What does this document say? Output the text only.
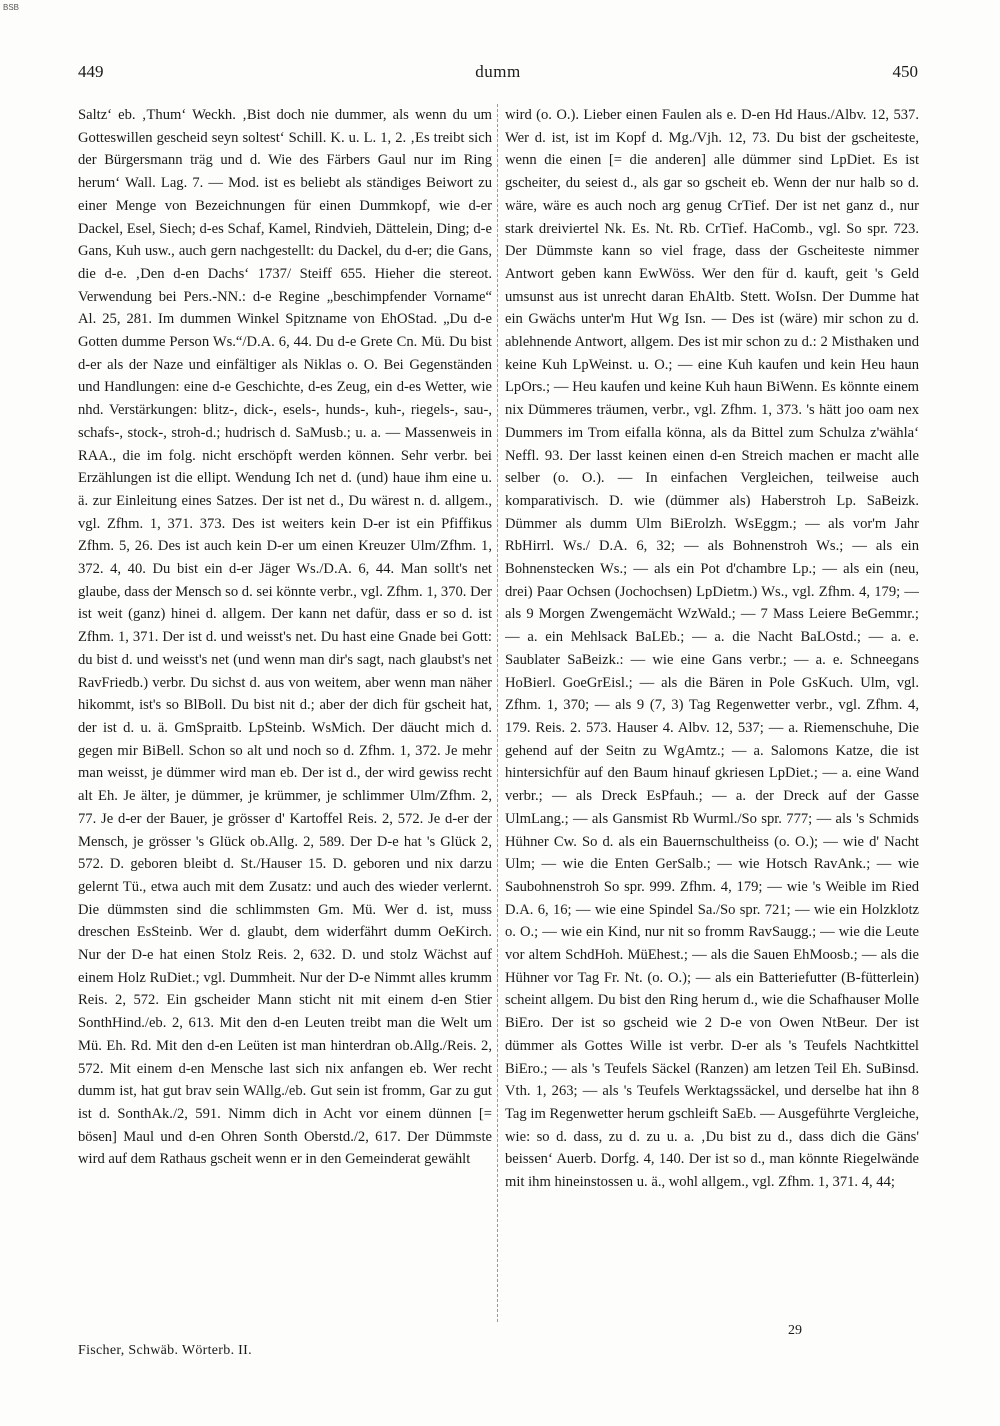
BSB
449	dumm	450

Saltz‘ eb. ‚Thum‘ Weckh. ‚Bist doch nie dummer, als wenn du um Gotteswillen gescheid seyn soltest‘ Schill. K. u. L. 1, 2. ‚Es treibt sich der Bürgersmann träg und d. Wie des Färbers Gaul nur im Ring herum‘ Wall. Lag. 7. — Mod. ist es beliebt als ständiges Beiwort zu einer Menge von Bezeichnungen für einen Dummkopf, wie d-er Dackel, Esel, Siech; d-es Schaf, Kamel, Rindvieh, Dättelein, Ding; d-e Gans, Kuh usw., auch gern nachgestellt: du Dackel, du d-er; die Gans, die d-e. ‚Den d-en Dachs‘ 1737/ Steiff 655. Hieher die stereot. Verwendung bei Pers.-NN.: d-e Regine „beschimpfender Vorname“ Al. 25, 281. Im dummen Winkel Spitzname von EhOStad. „Du d-e Gotten dumme Person Ws.“/D.A. 6, 44. Du d-e Grete Cn. Mü. Du bist d-er als der Naze und einfältiger als Niklas o. O. Bei Gegenständen und Handlungen: eine d-e Geschichte, d-es Zeug, ein d-es Wetter, wie nhd. Verstärkungen: blitz-, dick-, esels-, hunds-, kuh-, riegels-, sau-, schafs-, stock-, stroh-d.; hudrisch d. SaMusb.; u. a. — Massenweis in RAA., die im folg. nicht erschöpft werden können. Sehr verbr. bei Erzählungen ist die ellipt. Wendung Ich net d. (und) haue ihm eine u. ä. zur Einleitung eines Satzes. Der ist net d., Du wärest n. d. allgem., vgl. Zfhm. 1, 371. 373. Des ist weiters kein D-er ist ein Pfiffikus Zfhm. 5, 26. Des ist auch kein D-er um einen Kreuzer Ulm/Zfhm. 1, 372. 4, 40. Du bist ein d-er Jäger Ws./D.A. 6, 44. Man sollt's net glaube, dass der Mensch so d. sei könnte verbr., vgl. Zfhm. 1, 370. Der ist weit (ganz) hinei d. allgem. Der kann net dafür, dass er so d. ist Zfhm. 1, 371. Der ist d. und weisst's net. Du hast eine Gnade bei Gott: du bist d. und weisst's net (und wenn man dir's sagt, nach glaubst's net RavFriedb.) verbr. Du sichst d. aus von weitem, aber wenn man näher hikommt, ist's so BlBoll. Du bist nit d.; aber der dich für gscheit hat, der ist d. u. ä. GmSpraitb. LpSteinb. WsMich. Der däucht mich d. gegen mir BiBell. Schon so alt und noch so d. Zfhm. 1, 372. Je mehr man weisst, je dümmer wird man eb. Der ist d., der wird gewiss recht alt Eh. Je älter, je dümmer, je krümmer, je schlimmer Ulm/Zfhm. 2, 77. Je d-er der Bauer, je grösser d' Kartoffel Reis. 2, 572. Je d-er der Mensch, je grösser 's Glück ob.Allg. 2, 589. Der D-e hat 's Glück 2, 572. D. geboren bleibt d. St./Hauser 15. D. geboren und nix darzu gelernt Tü., etwa auch mit dem Zusatz: und auch des wieder verlernt. Die dümmsten sind die schlimmsten Gm. Mü. Wer d. ist, muss dreschen EsSteinb. Wer d. glaubt, dem widerfährt dumm OeKirch. Nur der D-e hat einen Stolz Reis. 2, 632. D. und stolz Wächst auf einem Holz RuDiet.; vgl. Dummheit. Nur der D-e Nimmt alles krumm Reis. 2, 572. Ein gscheider Mann sticht nit mit einem d-en Stier SonthHind./eb. 2, 613. Mit den d-en Leuten treibt man die Welt um Mü. Eh. Rd. Mit den d-en Leüten ist man hinterdran ob.Allg./Reis. 2, 572. Mit einem d-en Mensche last sich nix anfangen eb. Wer recht dumm ist, hat gut brav sein WAllg./eb. Gut sein ist fromm, Gar zu gut ist d. SonthAk./2, 591. Nimm dich in Acht vor einem dünnen [= bösen] Maul und d-en Ohren Sonth Oberstd./2, 617. Der Dümmste wird auf dem Rathaus gscheit wenn er in den Gemeinderat gewählt

wird (o. O.). Lieber einen Faulen als e. D-en Hd Haus./Albv. 12, 537. Wer d. ist, ist im Kopf d. Mg./Vjh. 12, 73. Du bist der gscheiteste, wenn die einen [= die anderen] alle dümmer sind LpDiet. Es ist gscheiter, du seiest d., als gar so gscheit eb. Wenn der nur halb so d. wäre, wäre es auch noch arg genug CrTief. Der ist net ganz d., nur stark dreiviertel Nk. Es. Nt. Rb. CrTief. HaComb., vgl. So spr. 723. Der Dümmste kann so viel frage, dass der Gscheiteste nimmer Antwort geben kann EwWöss. Wer den für d. kauft, geit 's Geld umsunst aus ist unrecht daran EhAltb. Stett. WoIsn. Der Dumme hat ein Gwächs unter'm Hut Wg Isn. — Des ist (wäre) mir schon zu d. ablehnende Antwort, allgem. Des ist mir schon zu d.: 2 Misthaken und keine Kuh LpWeinst. u. O.; — eine Kuh kaufen und kein Heu haun LpOrs.; — Heu kaufen und keine Kuh haun BiWenn. Es könnte einem nix Dümmeres träumen, verbr., vgl. Zfhm. 1, 373. 's hätt joo oam nex Dummers im Trom eifalla könna, als da Bittel zum Schulza z'wähla‘ Neffl. 93. Der lasst keinen einen d-en Streich machen er macht alle selber (o. O.). — In einfachen Vergleichen, teilweise auch komparativisch. D. wie (dümmer als) Haberstroh Lp. SaBeizk. Dümmer als dumm Ulm BiErolzh. WsEggm.; — als vor'm Jahr RbHirrl. Ws./ D.A. 6, 32; — als Bohnenstroh Ws.; — als ein Bohnenstecken Ws.; — als ein Pot d'chambre Lp.; — als ein (neu, drei) Paar Ochsen (Jochochsen) LpDietm.) Ws., vgl. Zfhm. 4, 179; — als 9 Morgen Zwengemächt WzWald.; — 7 Mass Leiere BeGemmr.; — a. ein Mehlsack BaLEb.; — a. die Nacht BaLOstd.; — a. e. Saublater SaBeizk.: — wie eine Gans verbr.; — a. e. Schneegans HoBierl. GoeGrEisl.; — als die Bären in Pole GsKuch. Ulm, vgl. Zfhm. 1, 370; — als 9 (7, 3) Tag Regenwetter verbr., vgl. Zfhm. 4, 179. Reis. 2. 573. Hauser 4. Albv. 12, 537; — a. Riemenschuhe, Die gehend auf der Seitn zu WgAmtz.; — a. Salomons Katze, die ist hintersichfür auf den Baum hinauf gkriesen LpDiet.; — a. eine Wand verbr.; — als Dreck EsPfauh.; — a. der Dreck auf der Gasse UlmLang.; — als Gansmist Rb Wurml./So spr. 777; — als 's Schmids Hühner Cw. So d. als ein Bauernschultheiss (o. O.); — wie d' Nacht Ulm; — wie die Enten GerSalb.; — wie Hotsch RavAnk.; — wie Saubohnenstroh So spr. 999. Zfhm. 4, 179; — wie 's Weible im Ried D.A. 6, 16; — wie eine Spindel Sa./So spr. 721; — wie ein Holzklotz o. O.; — wie ein Kind, nur nit so fromm RavSaugg.; — wie die Leute vor altem SchdHoh. MüEhest.; — als die Sauen EhMoosb.; — als die Hühner vor Tag Fr. Nt. (o. O.); — als ein Batteriefutter (B-fütterlein) scheint allgem. Du bist den Ring herum d., wie die Schafhauser Molle BiEro. Der ist so gscheid wie 2 D-e von Owen NtBeur. Der ist dümmer als Gottes Wille ist verbr. D-er als 's Teufels Nachtkittel BiEro.; — als 's Teufels Säckel (Ranzen) am letzen Teil Eh. SuBinsd. Vth. 1, 263; — als 's Teufels Werktagssäckel, und derselbe hat ihn 8 Tag im Regenwetter herum gschleift SaEb. — Ausgeführte Vergleiche, wie: so d. dass, zu d. zu u. a. ‚Du bist zu d., dass dich die Gäns' beissen‘ Auerb. Dorfg. 4, 140. Der ist so d., man könnte Riegelwände mit ihm hineinstossen u. ä., wohl allgem., vgl. Zfhm. 1, 371. 4, 44;

Fischer, Schwäb. Wörterb. II.
29
